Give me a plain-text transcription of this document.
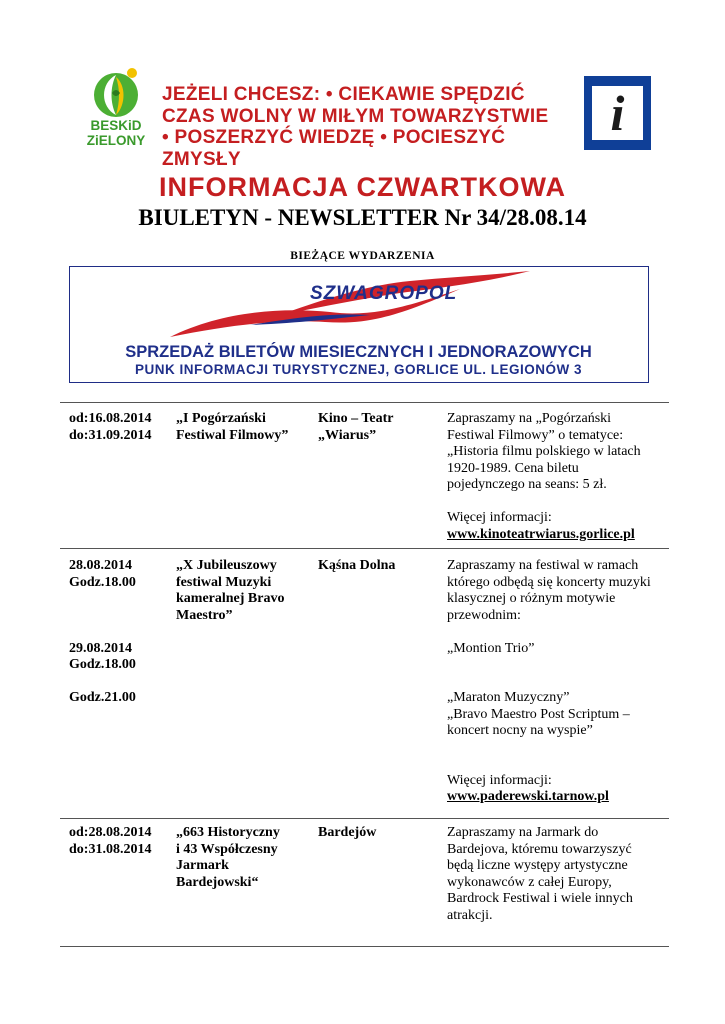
BESKiD
ZiELONY
JEŻELI CHCESZ: • CIEKAWIE SPĘDZIĆ
CZAS WOLNY W MIŁYM TOWARZYSTWIE
• POSZERZYĆ WIEDZĘ • POCIESZYĆ ZMYSŁY
i
INFORMACJA CZWARTKOWA
BIULETYN - NEWSLETTER Nr 34/28.08.14
BIEŻĄCE WYDARZENIA
SZWAGROPOL
SPRZEDAŻ BILETÓW MIESIECZNYCH I JEDNORAZOWYCH
PUNK INFORMACJI TURYSTYCZNEJ, GORLICE UL. LEGIONÓW 3
od:16.08.2014
do:31.09.2014
„I Pogórzański
Festiwal Filmowy”
Kino – Teatr
„Wiarus”
Zapraszamy na „Pogórzański
Festiwal Filmowy” o tematyce:
„Historia filmu polskiego w latach
1920-1989. Cena biletu
pojedynczego na seans: 5 zł.
Więcej informacji:
www.kinoteatrwiarus.gorlice.pl
28.08.2014
Godz.18.00
29.08.2014
Godz.18.00
Godz.21.00
„X Jubileuszowy
festiwal Muzyki
kameralnej Bravo
Maestro”
Kąśna Dolna	Zapraszamy na festiwal w ramach
którego odbędą się koncerty muzyki
klasycznej o różnym motywie
przewodnim:
„Montion Trio”
„Maraton Muzyczny”
„Bravo Maestro Post Scriptum –
koncert nocny na wyspie”
Więcej informacji:
www.paderewski.tarnow.pl
od:28.08.2014
do:31.08.2014
„663 Historyczny
i 43 Współczesny
Jarmark
Bardejowski“
Bardejów	Zapraszamy na Jarmark do
Bardejova, któremu towarzyszyć
będą liczne występy artystyczne
wykonawców z całej Europy,
Bardrock Festiwal i wiele innych
atrakcji.
